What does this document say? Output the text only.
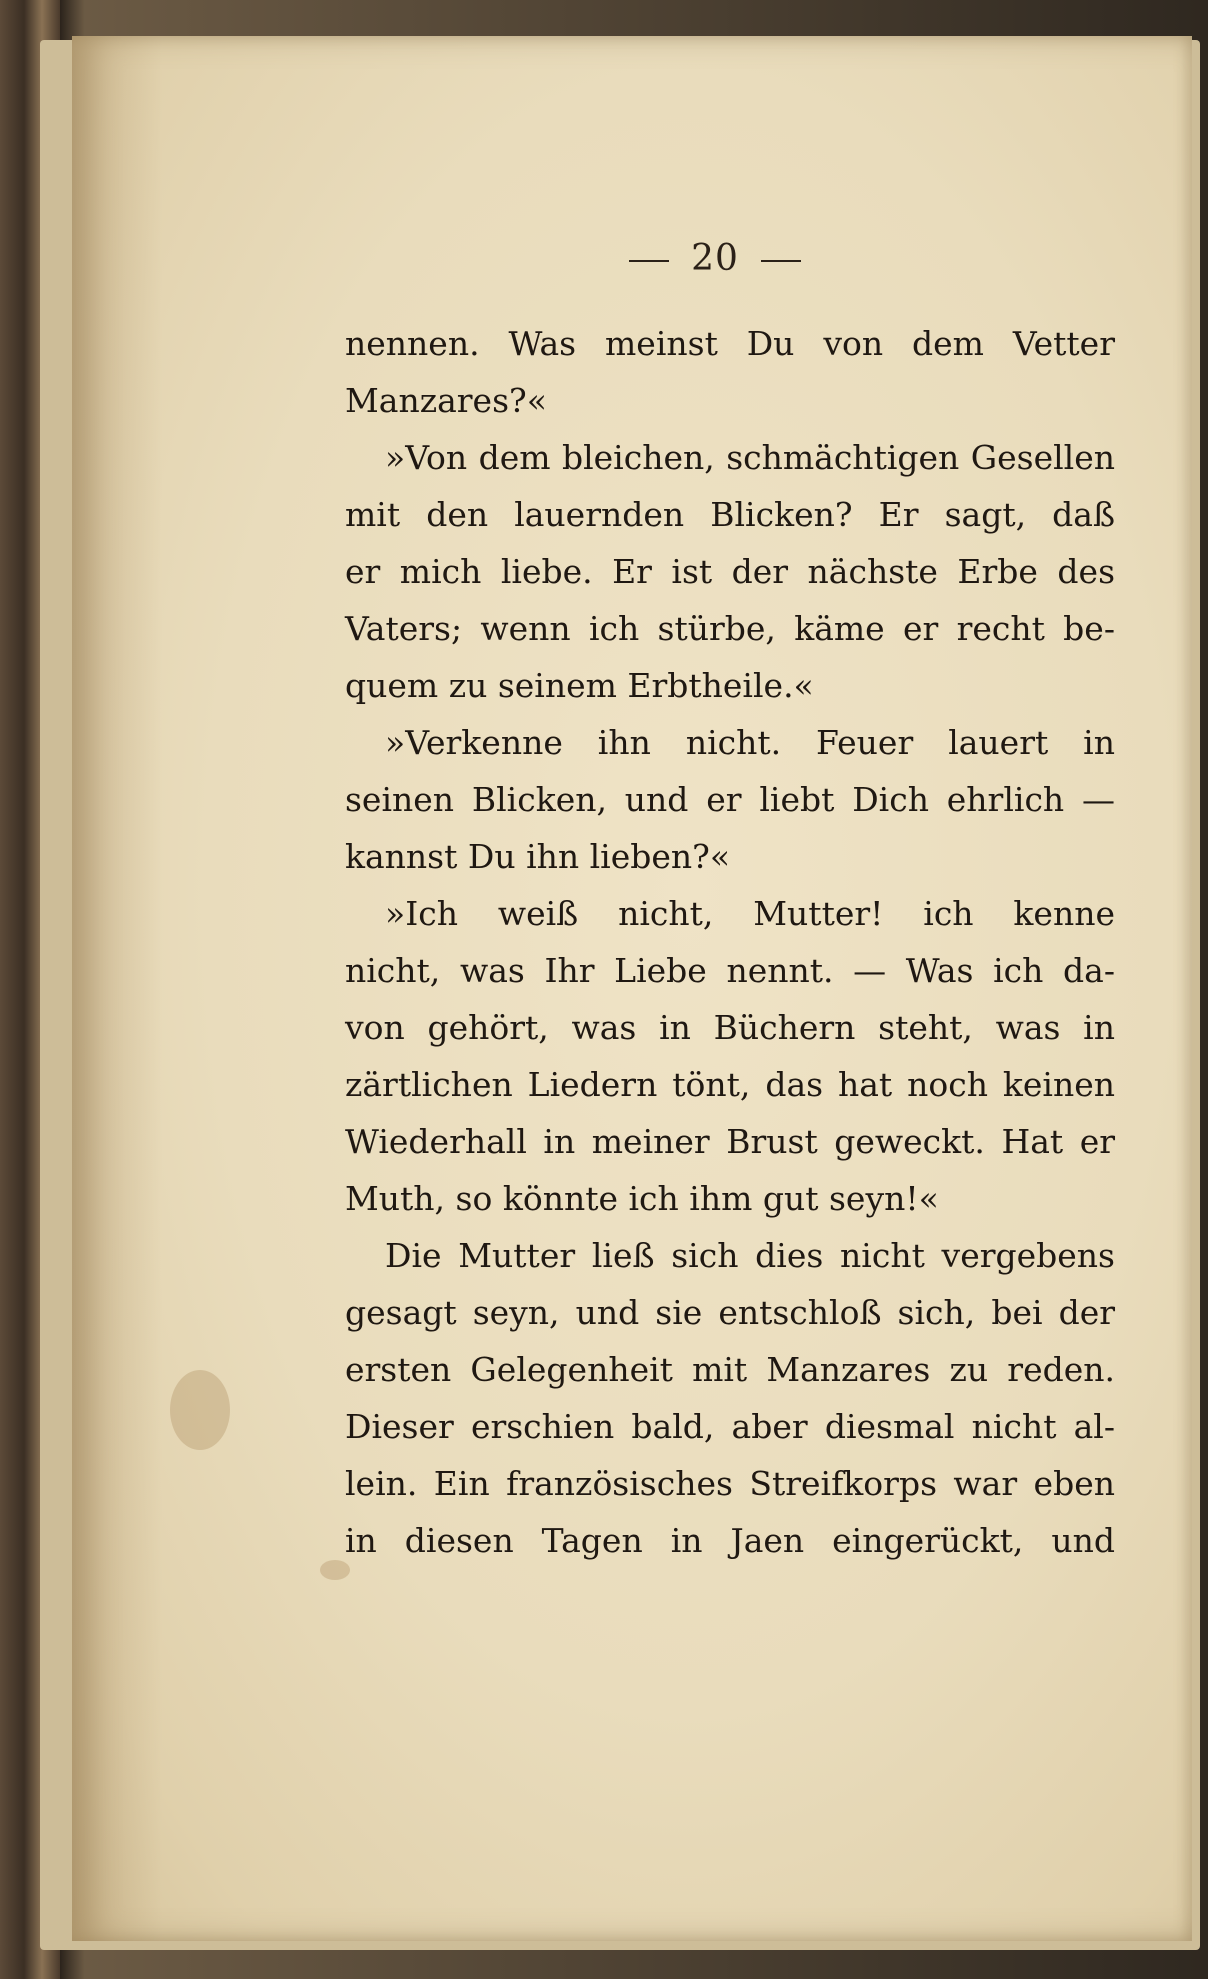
20
nennen. Was meinst Du von dem Vetter
Manzares?«
»Von dem bleichen, schmächtigen Gesellen
mit den lauernden Blicken? Er sagt, daß
er mich liebe. Er ist der nächste Erbe des
Vaters; wenn ich stürbe, käme er recht be-
quem zu seinem Erbtheile.«
»Verkenne ihn nicht. Feuer lauert in
seinen Blicken, und er liebt Dich ehrlich —
kannst Du ihn lieben?«
»Ich weiß nicht, Mutter! ich kenne
nicht, was Ihr Liebe nennt. — Was ich da-
von gehört, was in Büchern steht, was in
zärtlichen Liedern tönt, das hat noch keinen
Wiederhall in meiner Brust geweckt. Hat er
Muth, so könnte ich ihm gut seyn!«
Die Mutter ließ sich dies nicht vergebens
gesagt seyn, und sie entschloß sich, bei der
ersten Gelegenheit mit Manzares zu reden.
Dieser erschien bald, aber diesmal nicht al-
lein. Ein französisches Streifkorps war eben
in diesen Tagen in Jaen eingerückt, und
